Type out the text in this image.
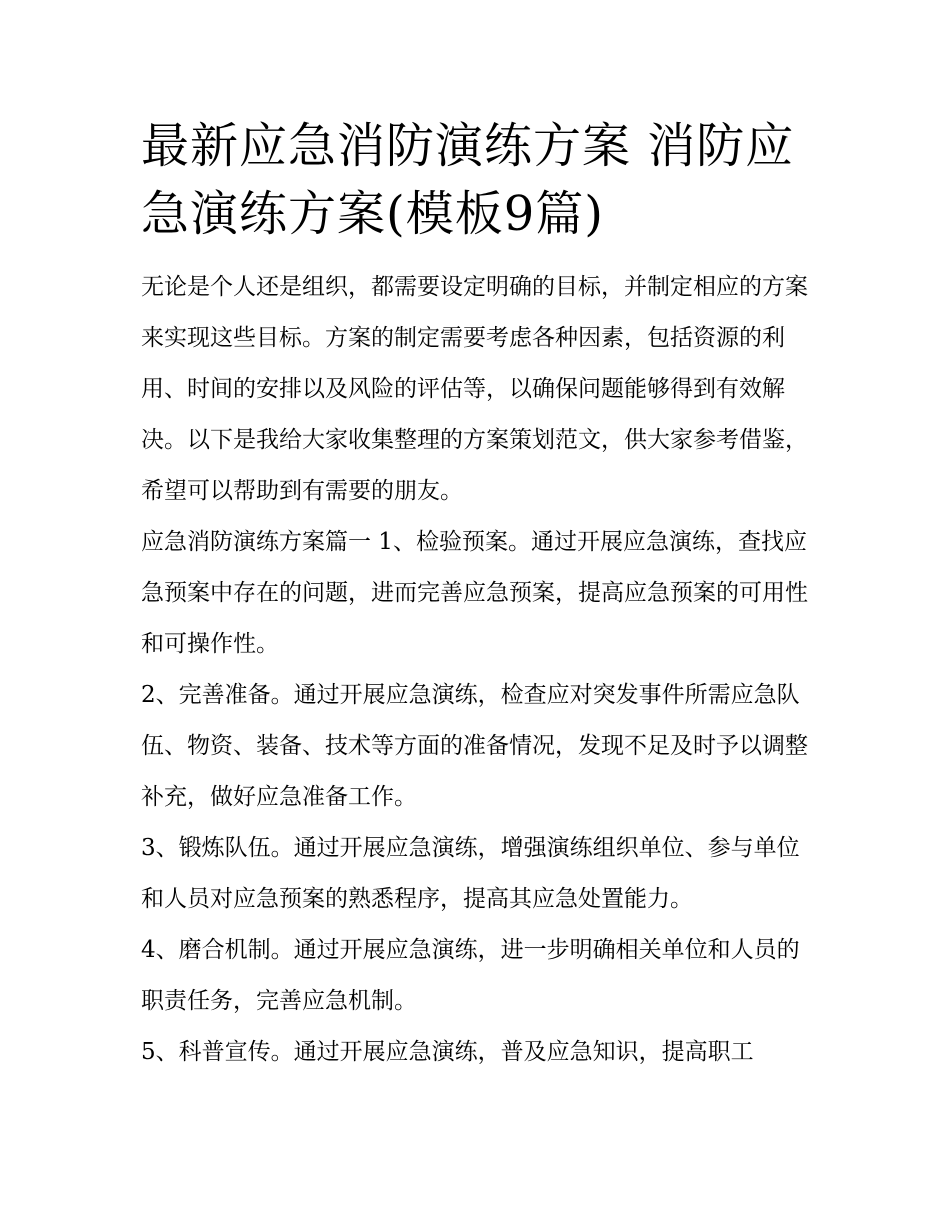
最新应急消防演练方案 消防应急演练方案(模板9篇)

无论是个人还是组织，都需要设定明确的目标，并制定相应的方案来实现这些目标。方案的制定需要考虑各种因素，包括资源的利用、时间的安排以及风险的评估等，以确保问题能够得到有效解决。以下是我给大家收集整理的方案策划范文，供大家参考借鉴，希望可以帮助到有需要的朋友。

应急消防演练方案篇一 1、检验预案。通过开展应急演练，查找应急预案中存在的问题，进而完善应急预案，提高应急预案的可用性和可操作性。

2、完善准备。通过开展应急演练，检查应对突发事件所需应急队伍、物资、装备、技术等方面的准备情况，发现不足及时予以调整补充，做好应急准备工作。

3、锻炼队伍。通过开展应急演练，增强演练组织单位、参与单位和人员对应急预案的熟悉程序，提高其应急处置能力。

4、磨合机制。通过开展应急演练，进一步明确相关单位和人员的职责任务，完善应急机制。

5、科普宣传。通过开展应急演练，普及应急知识，提高职工
